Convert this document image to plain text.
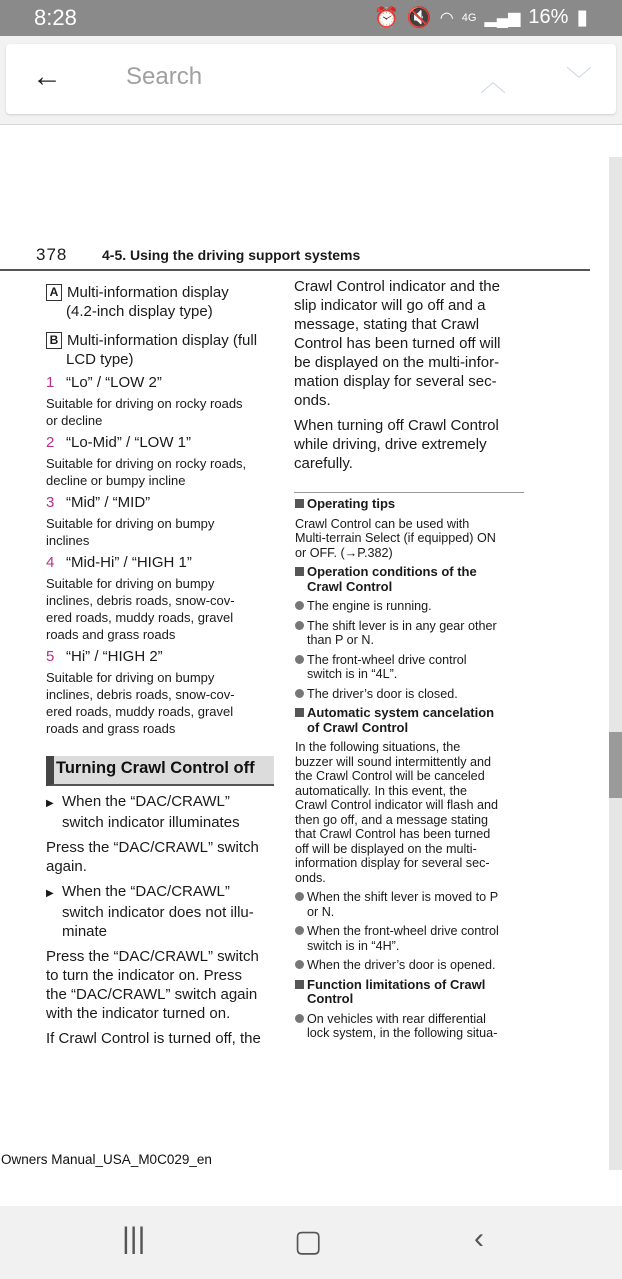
8:28	⏰ 🔇 ◠ 4G ▂▄▆ 16% ▮
←
Search	︿ ﹀
378 4-5. Using the driving support systems

A Multi-information display

(4.2-inch display type)

B Multi-information display (full

LCD type)

1 “Lo” / “LOW 2”

Suitable for driving on rocky roads

or decline

2 “Lo-Mid” / “LOW 1”

Suitable for driving on rocky roads,

decline or bumpy incline

3 “Mid” / “MID”

Suitable for driving on bumpy

inclines

4 “Mid-Hi” / “HIGH 1”

Suitable for driving on bumpy

inclines, debris roads, snow-cov-

ered roads, muddy roads, gravel

roads and grass roads

5 “Hi” / “HIGH 2”

Suitable for driving on bumpy

inclines, debris roads, snow-cov-

ered roads, muddy roads, gravel

roads and grass roads

Turning Crawl Control off

▶ When the “DAC/CRAWL”

switch indicator illuminates

Press the “DAC/CRAWL” switch

again.

▶ When the “DAC/CRAWL”

switch indicator does not illu-

minate

Press the “DAC/CRAWL” switch

to turn the indicator on. Press

the “DAC/CRAWL” switch again

with the indicator turned on.

If Crawl Control is turned off, the

Crawl Control indicator and the

slip indicator will go off and a

message, stating that Crawl

Control has been turned off will

be displayed on the multi-infor-

mation display for several sec-

onds.

When turning off Crawl Control

while driving, drive extremely

carefully.

Operating tips

Crawl Control can be used with

Multi-terrain Select (if equipped) ON

or OFF. (→P.382)

Operation conditions of the

Crawl Control

The engine is running.

The shift lever is in any gear other

than P or N.

The front-wheel drive control

switch is in “4L”.

The driver’s door is closed.

Automatic system cancelation

of Crawl Control

In the following situations, the

buzzer will sound intermittently and

the Crawl Control will be canceled

automatically. In this event, the

Crawl Control indicator will flash and

then go off, and a message stating

that Crawl Control has been turned

off will be displayed on the multi-

information display for several sec-

onds.

When the shift lever is moved to P

or N.

When the front-wheel drive control

switch is in “4H”.

When the driver’s door is opened.

Function limitations of Crawl

Control

On vehicles with rear differential

lock system, in the following situa-

Owners Manual_USA_M0C029_en
|||	▢	‹
